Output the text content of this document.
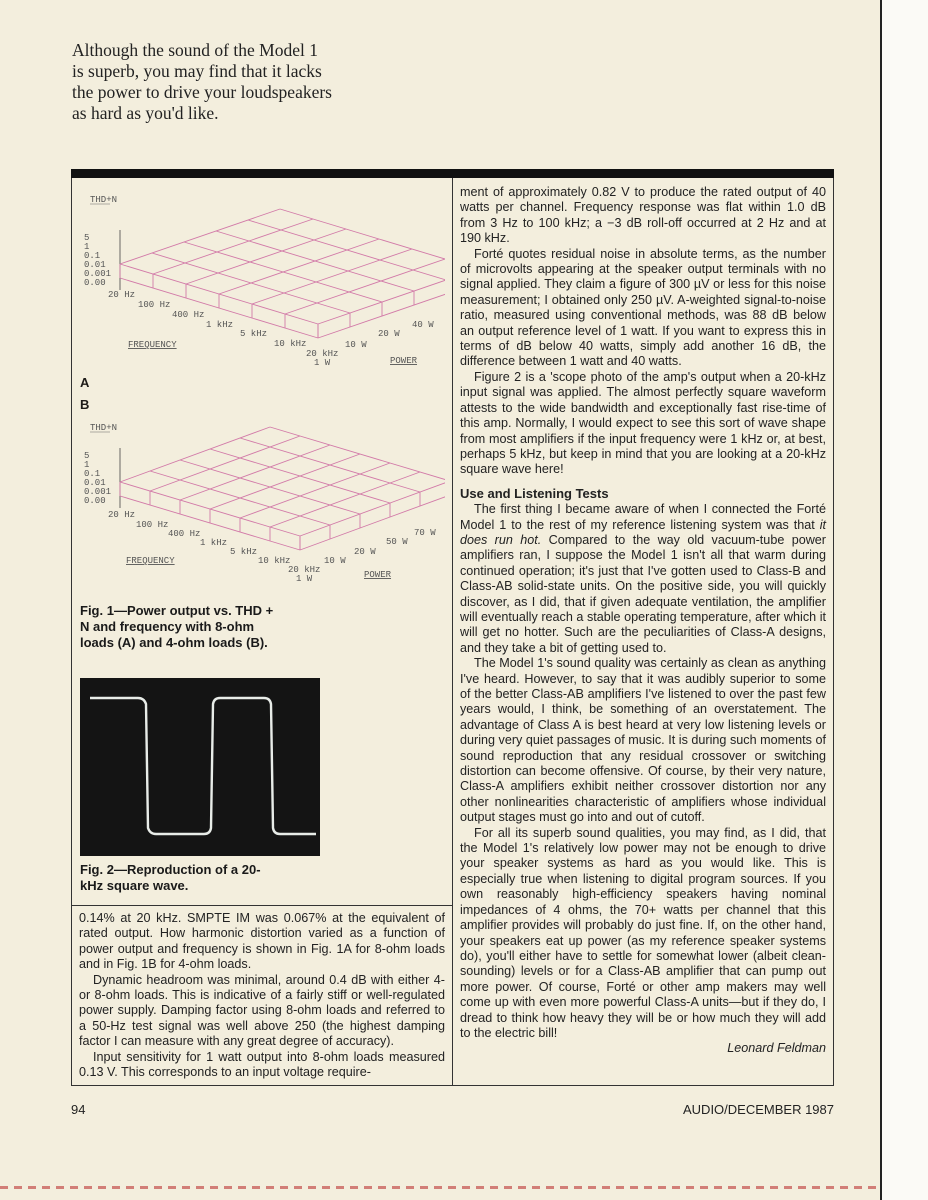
Although the sound of the Model 1 is superb, you may find that it lacks the power to drive your loudspeakers as hard as you'd like.
THD+N
5
1
0.1
0.01
0.001
0.00
20 Hz
100 Hz
400 Hz
1 kHz
5 kHz
10 kHz
20 kHz
1 W
10 W
20 W
40 W
FREQUENCY
POWER
A
B
THD+N
5
1
0.1
0.01
0.001
0.00
20 Hz
100 Hz
400 Hz
1 kHz
5 kHz
10 kHz
20 kHz
1 W
10 W
20 W
50 W
70 W
FREQUENCY
POWER
Fig. 1—Power output vs. THD + N and frequency with 8-ohm loads (A) and 4-ohm loads (B).
Fig. 2—Reproduction of a 20-kHz square wave.

0.14% at 20 kHz. SMPTE IM was 0.067% at the equivalent of rated output. How harmonic distortion varied as a function of power output and frequency is shown in Fig. 1A for 8-ohm loads and in Fig. 1B for 4-ohm loads.

Dynamic headroom was minimal, around 0.4 dB with either 4- or 8-ohm loads. This is indicative of a fairly stiff or well-regulated power supply. Damping factor using 8-ohm loads and referred to a 50-Hz test signal was well above 250 (the highest damping factor I can measure with any great degree of accuracy).

Input sensitivity for 1 watt output into 8-ohm loads measured 0.13 V. This corresponds to an input voltage require-

ment of approximately 0.82 V to produce the rated output of 40 watts per channel. Frequency response was flat within 1.0 dB from 3 Hz to 100 kHz; a −3 dB roll-off occurred at 2 Hz and at 190 kHz.

Forté quotes residual noise in absolute terms, as the number of microvolts appearing at the speaker output terminals with no signal applied. They claim a figure of 300 µV or less for this noise measurement; I obtained only 250 µV. A-weighted signal-to-noise ratio, measured using conventional methods, was 88 dB below an output reference level of 1 watt. If you want to express this in terms of dB below 40 watts, simply add another 16 dB, the difference between 1 watt and 40 watts.

Figure 2 is a 'scope photo of the amp's output when a 20-kHz input signal was applied. The almost perfectly square waveform attests to the wide bandwidth and exceptionally fast rise-time of this amp. Normally, I would expect to see this sort of wave shape from most amplifiers if the input frequency were 1 kHz or, at best, perhaps 5 kHz, but keep in mind that you are looking at a 20-kHz square wave here!

Use and Listening Tests

The first thing I became aware of when I connected the Forté Model 1 to the rest of my reference listening system was that it does run hot. Compared to the way old vacuum-tube power amplifiers ran, I suppose the Model 1 isn't all that warm during continued operation; it's just that I've gotten used to Class-B and Class-AB solid-state units. On the positive side, you will quickly discover, as I did, that if given adequate ventilation, the amplifier will eventually reach a stable operating temperature, after which it will get no hotter. Such are the peculiarities of Class-A designs, and they take a bit of getting used to.

The Model 1's sound quality was certainly as clean as anything I've heard. However, to say that it was audibly superior to some of the better Class-AB amplifiers I've listened to over the past few years would, I think, be something of an overstatement. The advantage of Class A is best heard at very low listening levels or during very quiet passages of music. It is during such moments of sound reproduction that any residual crossover or switching distortion can become offensive. Of course, by their very nature, Class-A amplifiers exhibit neither crossover distortion nor any other nonlinearities characteristic of amplifiers whose individual output stages must go into and out of cutoff.

For all its superb sound qualities, you may find, as I did, that the Model 1's relatively low power may not be enough to drive your speaker systems as hard as you would like. This is especially true when listening to digital program sources. If you own reasonably high-efficiency speakers having nominal impedances of 4 ohms, the 70+ watts per channel that this amplifier provides will probably do just fine. If, on the other hand, your speakers eat up power (as my reference speaker systems do), you'll either have to settle for somewhat lower (albeit clean-sounding) levels or for a Class-AB amplifier that can pump out more power. Of course, Forté or other amp makers may well come up with even more powerful Class-A units—but if they do, I dread to think how heavy they will be or how much they will add to the electric bill!

Leonard Feldman
94	AUDIO/DECEMBER 1987
